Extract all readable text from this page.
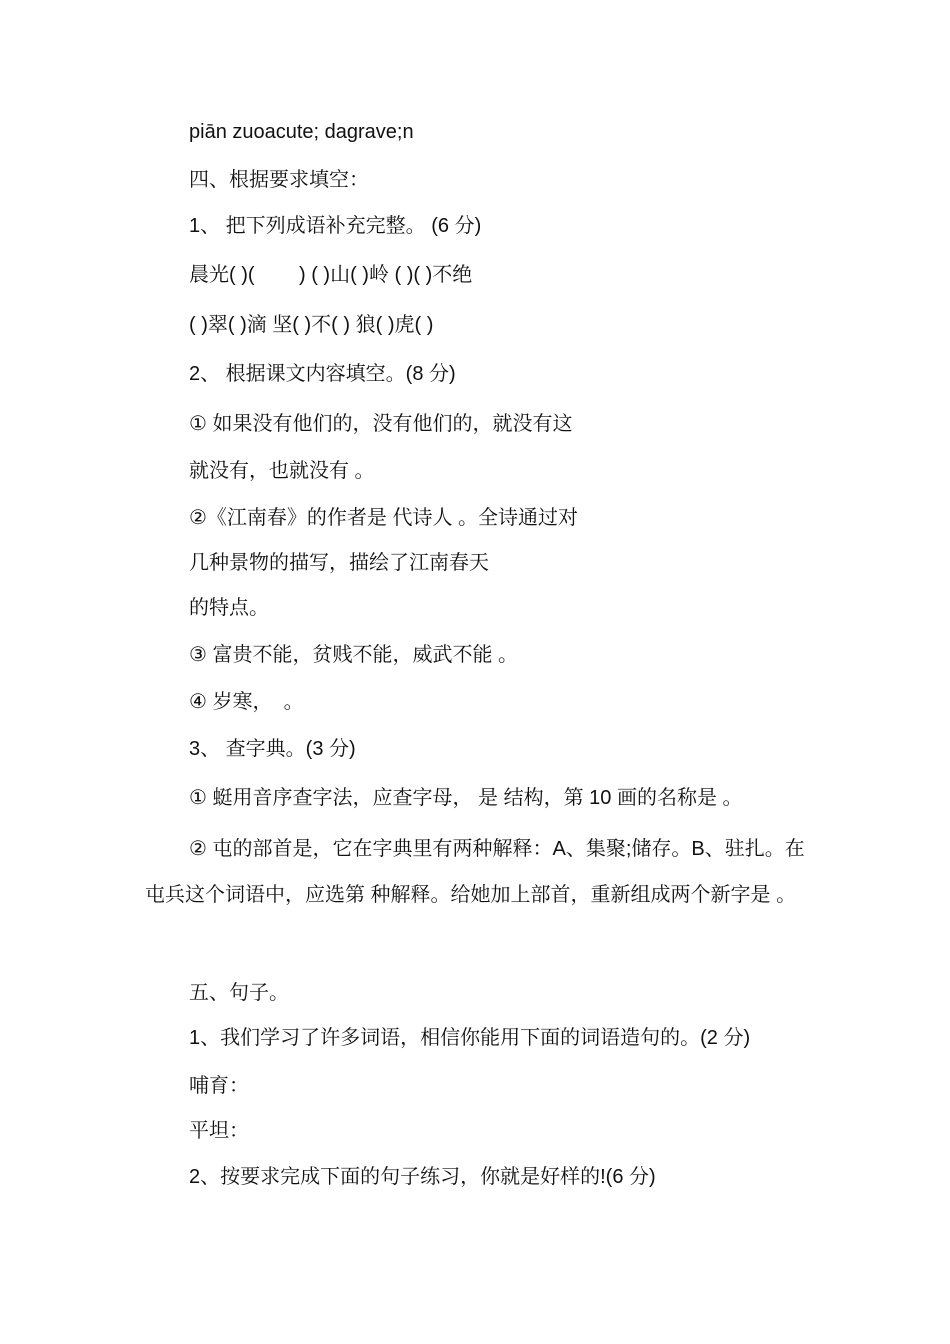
piān zuoacute; dagrave;n
四、根据要求填空：
1、 把下列成语补充完整。 (6 分)
晨光( )(        ) ( )山( )岭 ( )( )不绝
( )翠( )滴 坚( )不( ) 狼( )虎( )
2、 根据课文内容填空。(8 分)
① 如果没有他们的，没有他们的，就没有这
就没有，也就没有 。
②《江南春》的作者是 代诗人 。全诗通过对
几种景物的描写，描绘了江南春天
的特点。
③ 富贵不能，贫贱不能，威武不能 。
④ 岁寒，  。
3、 查字典。(3 分)
① 蜓用音序查字法，应查字母， 是 结构，第 10 画的名称是 。
② 屯的部首是，它在字典里有两种解释：A、集聚;储存。B、驻扎。在屯兵这个词语中，应选第 种解释。给她加上部首，重新组成两个新字是 。
五、句子。
1、我们学习了许多词语，相信你能用下面的词语造句的。(2 分)
哺育：
平坦：
2、按要求完成下面的句子练习，你就是好样的!(6 分)
